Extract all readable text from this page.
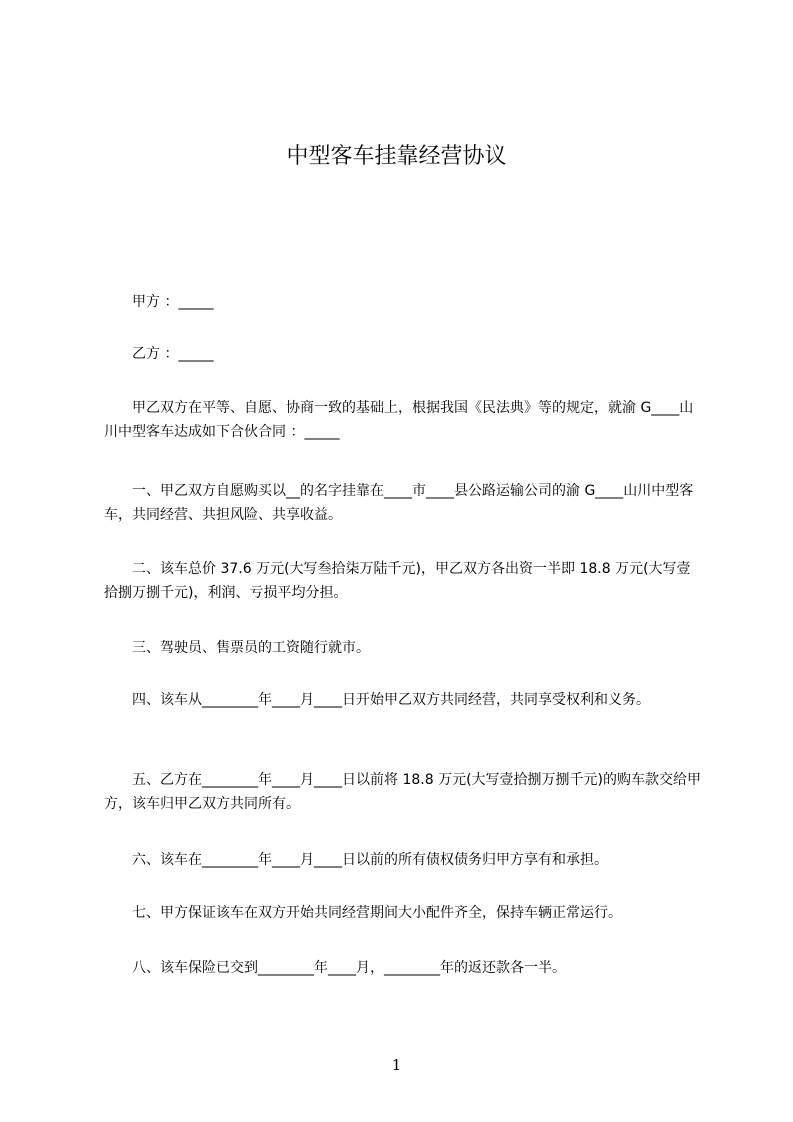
中型客车挂靠经营协议

　　甲方 ：_____

　　乙方 ：_____

　　甲乙双方在平等、自愿、协商一致的基础上，根据我国《民法典》等的规定，就渝 G____山川中型客车达成如下合伙合同 ：_____

　　一、甲乙双方自愿购买以__的名字挂靠在____市____县公路运输公司的渝 G____山川中型客车，共同经营、共担风险、共享收益。

　　二、该车总价 37.6 万元(大写叁拾柒万陆千元)，甲乙双方各出资一半即 18.8 万元(大写壹拾捌万捌千元)，利润、亏损平均分担。

　　三、驾驶员、售票员的工资随行就市。

　　四、该车从________年____月____日开始甲乙双方共同经营，共同享受权利和义务。

　　五、乙方在________年____月____日以前将 18.8 万元(大写壹拾捌万捌千元)的购车款交给甲方，该车归甲乙双方共同所有。

　　六、该车在________年____月____日以前的所有债权债务归甲方享有和承担。

　　七、甲方保证该车在双方开始共同经营期间大小配件齐全，保持车辆正常运行。

　　八、该车保险已交到________年____月，________年的返还款各一半。

1
